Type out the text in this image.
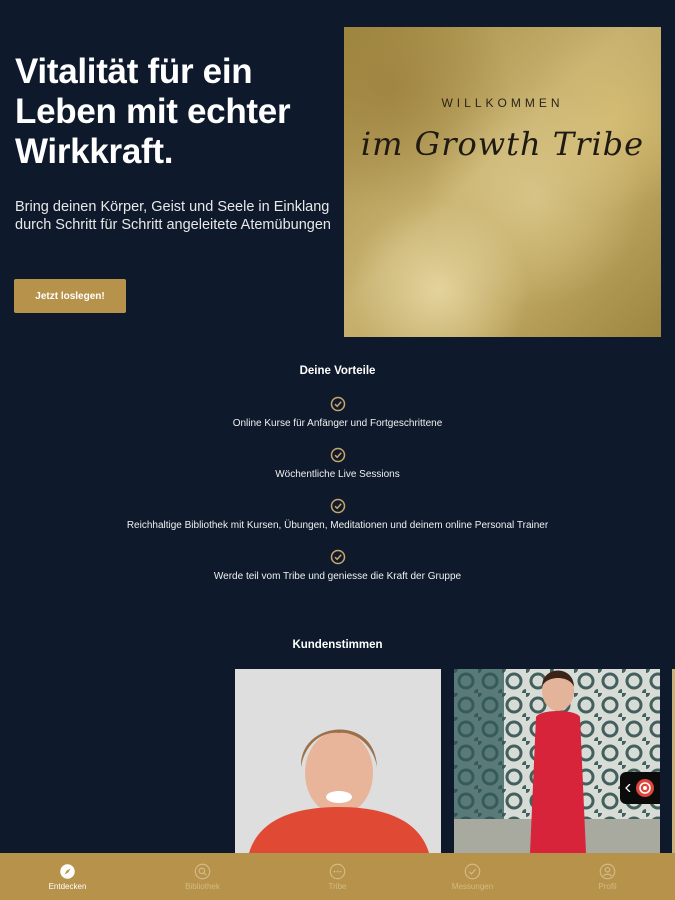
Vitalität für ein Leben mit echter Wirkkraft.

Bring deinen Körper, Geist und Seele in Einklang durch Schritt für Schritt angeleitete Atemübungen

Jetzt loslegen!
WILLKOMMEN
im Growth Tribe
Deine Vorteile
Online Kurse für Anfänger und Fortgeschrittene
Wöchentliche Live Sessions
Reichhaltige Bibliothek mit Kursen, Übungen, Meditationen und deinem online Personal Trainer
Werde teil vom Tribe und geniesse die Kraft der Gruppe
Kundenstimmen
Entdecken	Bibliothek	Tribe	Messungen	Profil
